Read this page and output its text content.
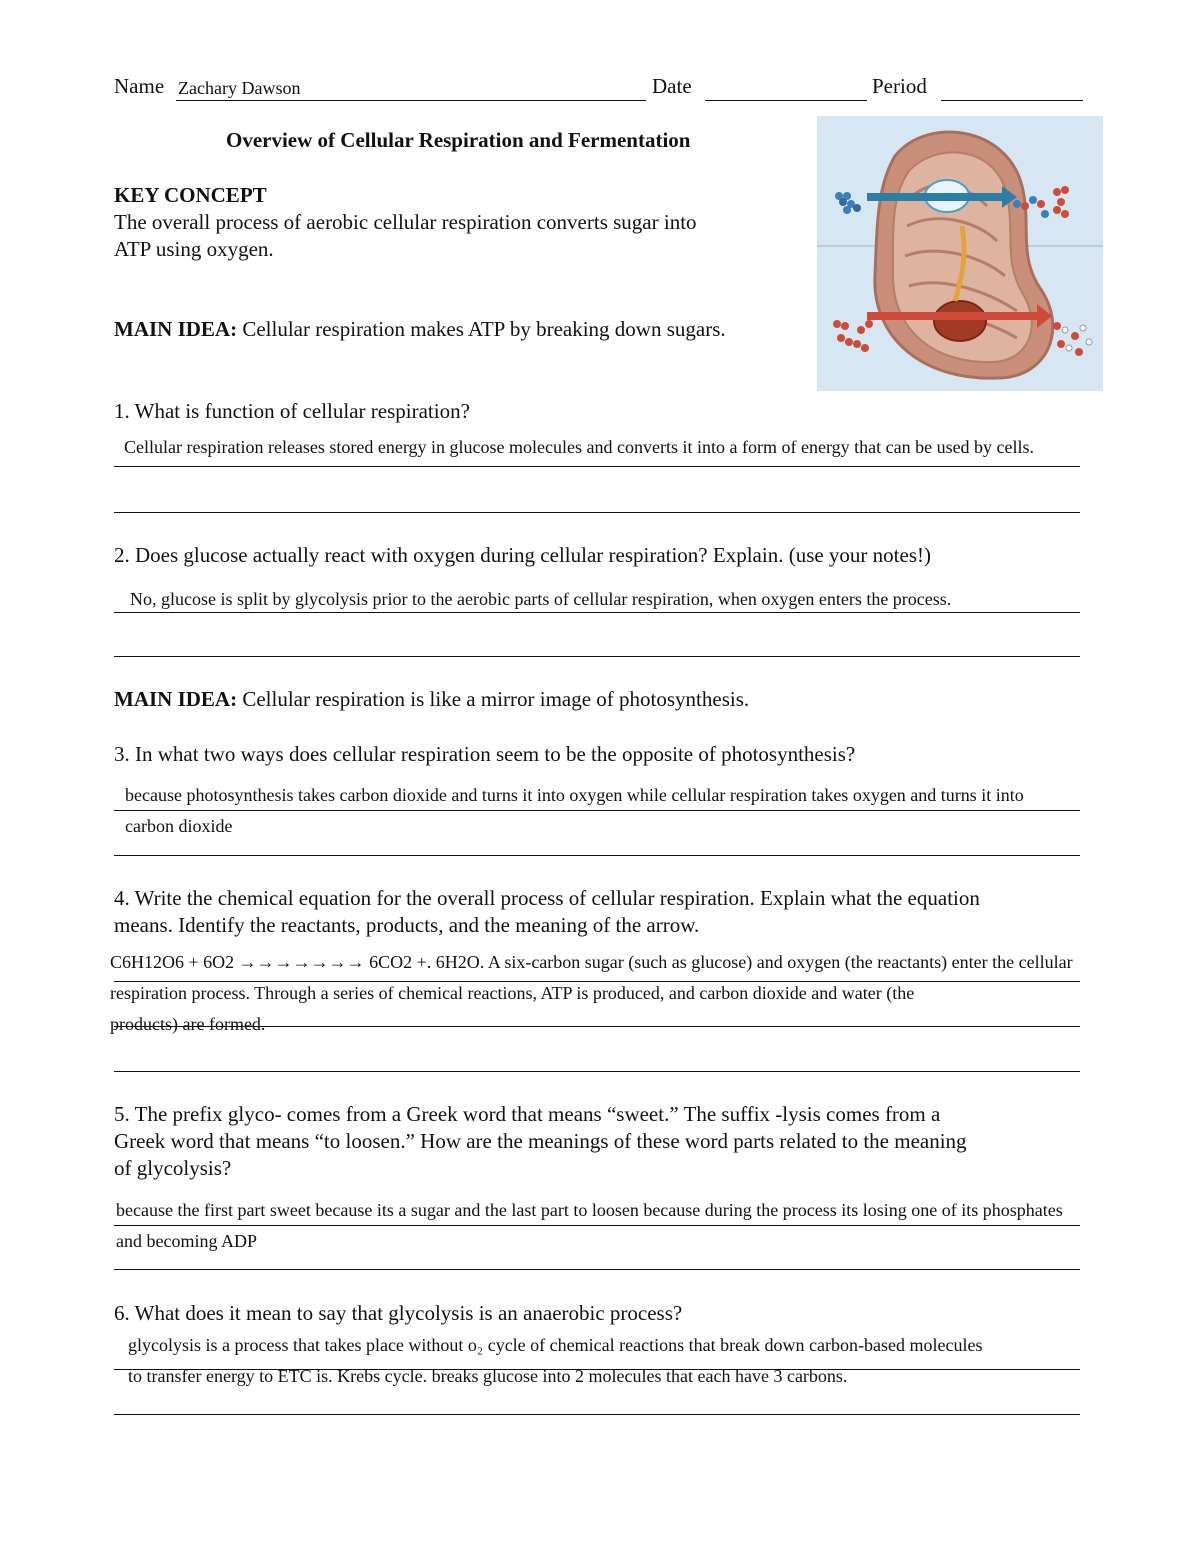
Name Zachary Dawson	Date	Period
Overview of Cellular Respiration and Fermentation
KEY CONCEPT
The overall process of aerobic cellular respiration converts sugar into
ATP using oxygen.
MAIN IDEA: Cellular respiration makes ATP by breaking down sugars.
1. What is function of cellular respiration?
Cellular respiration releases stored energy in glucose molecules and converts it into a form of energy that can be used by cells.
2. Does glucose actually react with oxygen during cellular respiration? Explain. (use your notes!)
No, glucose is split by glycolysis prior to the aerobic parts of cellular respiration, when oxygen enters the process.
MAIN IDEA: Cellular respiration is like a mirror image of photosynthesis.
3. In what two ways does cellular respiration seem to be the opposite of photosynthesis?
because photosynthesis takes carbon dioxide and turns it into oxygen while cellular respiration takes oxygen and turns it into
carbon dioxide
4. Write the chemical equation for the overall process of cellular respiration. Explain what the equation
means. Identify the reactants, products, and the meaning of the arrow.
C6H12O6 + 6O2 →→→→→→→ 6CO2 +. 6H2O. A six-carbon sugar (such as glucose) and oxygen (the reactants) enter the cellular
respiration process. Through a series of chemical reactions, ATP is produced, and carbon dioxide and water (the
products) are formed.
5. The prefix glyco- comes from a Greek word that means “sweet.” The suffix -lysis comes from a
Greek word that means “to loosen.” How are the meanings of these word parts related to the meaning
of glycolysis?
because the first part sweet because its a sugar and the last part to loosen because during the process its losing one of its phosphates
and becoming ADP
6. What does it mean to say that glycolysis is an anaerobic process?
glycolysis is a process that takes place without o₂ cycle of chemical reactions that break down carbon-based molecules
to transfer energy to ETC is. Krebs cycle. breaks glucose into 2 molecules that each have 3 carbons.
